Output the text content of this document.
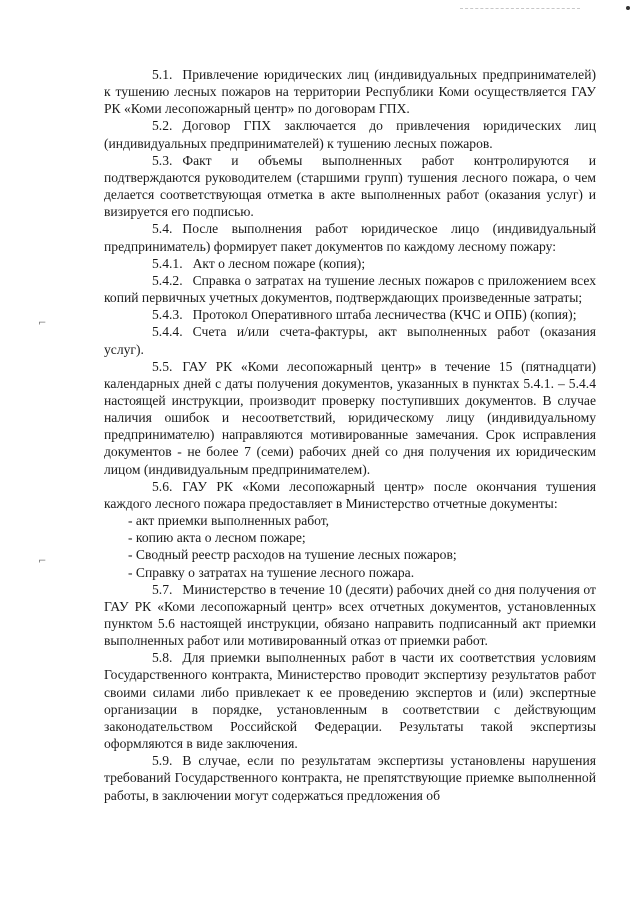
⌐
⌐

5.1. Привлечение юридических лиц (индивидуальных предпринимателей) к тушению лесных пожаров на территории Республики Коми осуществляется ГАУ РК «Коми лесопожарный центр» по договорам ГПХ.

5.2. Договор ГПХ заключается до привлечения юридических лиц (индивидуальных предпринимателей) к тушению лесных пожаров.

5.3. Факт и объемы выполненных работ контролируются и подтверждаются руководителем (старшими групп) тушения лесного пожара, о чем делается соответствующая отметка в акте выполненных работ (оказания услуг) и визируется его подписью.

5.4. После выполнения работ юридическое лицо (индивидуальный предприниматель) формирует пакет документов по каждому лесному пожару:

5.4.1. Акт о лесном пожаре (копия);

5.4.2. Справка о затратах на тушение лесных пожаров с приложением всех копий первичных учетных документов, подтверждающих произведенные затраты;

5.4.3. Протокол Оперативного штаба лесничества (КЧС и ОПБ) (копия);

5.4.4. Счета и/или счета-фактуры, акт выполненных работ (оказания услуг).

5.5. ГАУ РК «Коми лесопожарный центр» в течение 15 (пятнадцати) календарных дней с даты получения документов, указанных в пунктах 5.4.1. – 5.4.4 настоящей инструкции, производит проверку поступивших документов. В случае наличия ошибок и несоответствий, юридическому лицу (индивидуальному предпринимателю) направляются мотивированные замечания. Срок исправления документов - не более 7 (семи) рабочих дней со дня получения их юридическим лицом (индивидуальным предпринимателем).

5.6. ГАУ РК «Коми лесопожарный центр» после окончания тушения каждого лесного пожара предоставляет в Министерство отчетные документы:

- акт приемки выполненных работ,

- копию акта о лесном пожаре;

- Сводный реестр расходов на тушение лесных пожаров;

- Справку о затратах на тушение лесного пожара.

5.7. Министерство в течение 10 (десяти) рабочих дней со дня получения от ГАУ РК «Коми лесопожарный центр» всех отчетных документов, установленных пунктом 5.6 настоящей инструкции, обязано направить подписанный акт приемки выполненных работ или мотивированный отказ от приемки работ.

5.8. Для приемки выполненных работ в части их соответствия условиям Государственного контракта, Министерство проводит экспертизу результатов работ своими силами либо привлекает к ее проведению экспертов и (или) экспертные организации в порядке, установленным в соответствии с действующим законодательством Российской Федерации. Результаты такой экспертизы оформляются в виде заключения.

5.9. В случае, если по результатам экспертизы установлены нарушения требований Государственного контракта, не препятствующие приемке выполненной работы, в заключении могут содержаться предложения об
